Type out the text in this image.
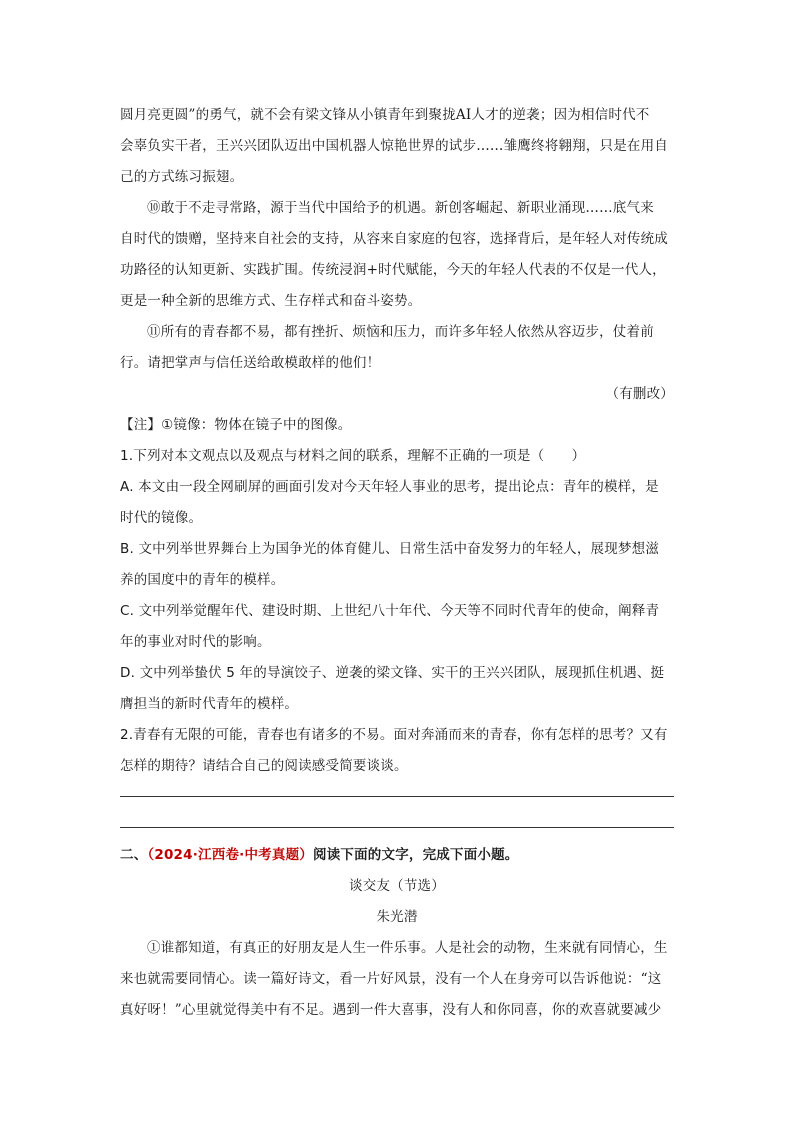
圆月亮更圆”的勇气，就不会有梁文锋从小镇青年到聚拢AI人才的逆袭；因为相信时代不
会辜负实干者，王兴兴团队迈出中国机器人惊艳世界的试步……雏鹰终将翱翔，只是在用自
己的方式练习振翅。
⑩敢于不走寻常路，源于当代中国给予的机遇。新创客崛起、新职业涌现……底气来
自时代的馈赠，坚持来自社会的支持，从容来自家庭的包容，选择背后，是年轻人对传统成
功路径的认知更新、实践扩围。传统浸润+时代赋能，今天的年轻人代表的不仅是一代人，
更是一种全新的思维方式、生存样式和奋斗姿势。
⑪所有的青春都不易，都有挫折、烦恼和压力，而许多年轻人依然从容迈步，仗着前
行。请把掌声与信任送给敢模敢样的他们！
（有删改）
【注】①镜像：物体在镜子中的图像。
1.下列对本文观点以及观点与材料之间的联系，理解不正确的一项是（　　）
A. 本文由一段全网刷屏的画面引发对今天年轻人事业的思考，提出论点：青年的模样，是
时代的镜像。
B. 文中列举世界舞台上为国争光的体育健儿、日常生活中奋发努力的年轻人，展现梦想滋
养的国度中的青年的模样。
C. 文中列举觉醒年代、建设时期、上世纪八十年代、今天等不同时代青年的使命，阐释青
年的事业对时代的影响。
D. 文中列举蛰伏 5 年的导演饺子、逆袭的梁文锋、实干的王兴兴团队，展现抓住机遇、挺
膺担当的新时代青年的模样。
2.青春有无限的可能，青春也有诸多的不易。面对奔涌而来的青春，你有怎样的思考？又有
怎样的期待？请结合自己的阅读感受简要谈谈。
二、（2024·江西卷·中考真题）阅读下面的文字，完成下面小题。
谈交友（节选）
朱光潜
①谁都知道，有真正的好朋友是人生一件乐事。人是社会的动物，生来就有同情心，生
来也就需要同情心。读一篇好诗文，看一片好风景，没有一个人在身旁可以告诉他说：“这
真好呀！”心里就觉得美中有不足。遇到一件大喜事，没有人和你同喜，你的欢喜就要减少
